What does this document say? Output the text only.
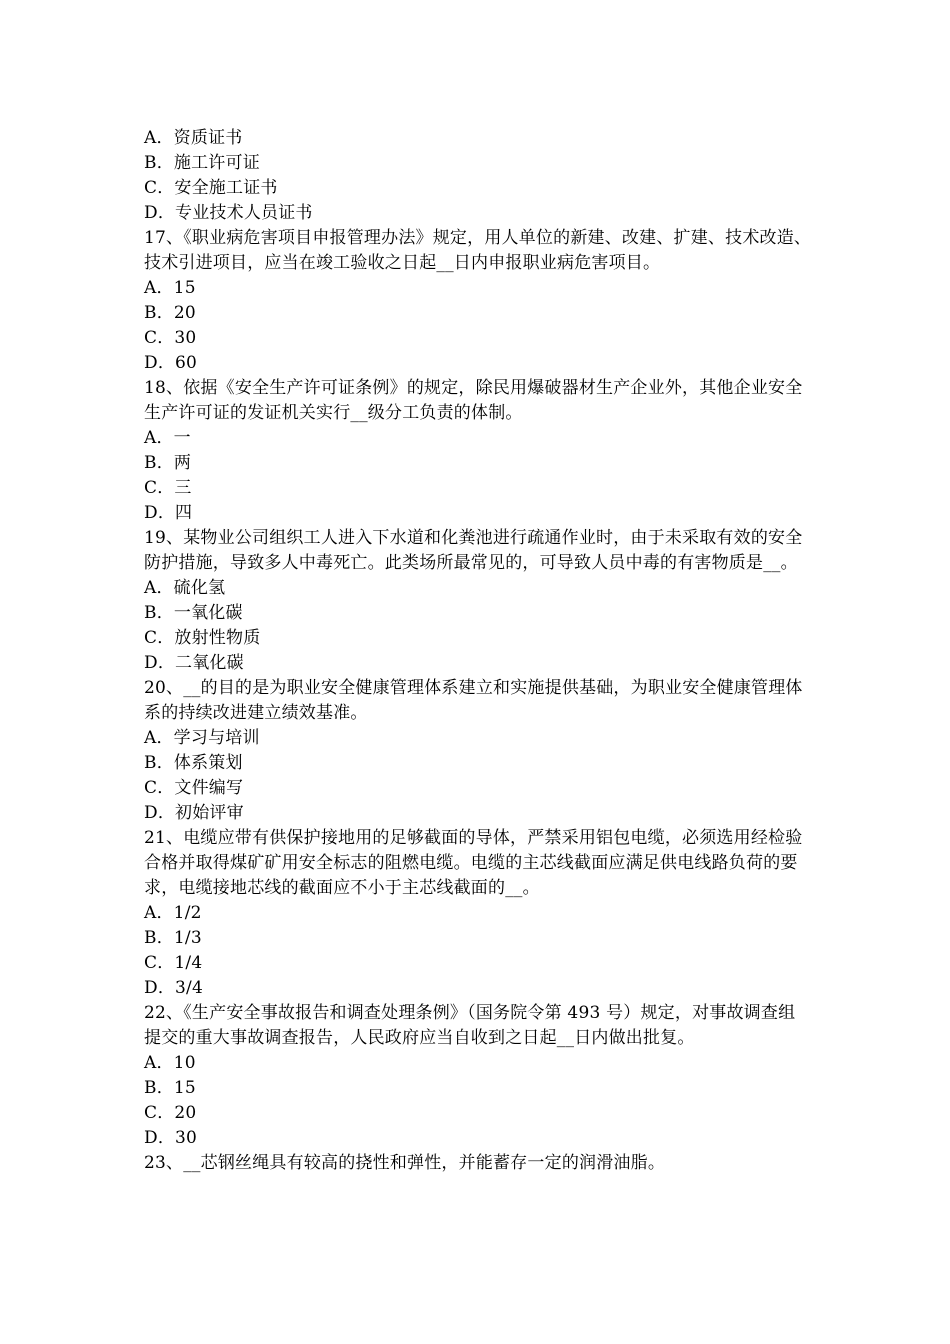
A．资质证书
B．施工许可证
C．安全施工证书
D．专业技术人员证书
17、《职业病危害项目申报管理办法》规定，用人单位的新建、改建、扩建、技术改造、技术引进项目，应当在竣工验收之日起__日内申报职业病危害项目。
A．15
B．20
C．30
D．60
18、依据《安全生产许可证条例》的规定，除民用爆破器材生产企业外，其他企业安全生产许可证的发证机关实行__级分工负责的体制。
A．一
B．两
C．三
D．四
19、某物业公司组织工人进入下水道和化粪池进行疏通作业时，由于未采取有效的安全防护措施，导致多人中毒死亡。此类场所最常见的，可导致人员中毒的有害物质是__。
A．硫化氢
B．一氧化碳
C．放射性物质
D．二氧化碳
20、__的目的是为职业安全健康管理体系建立和实施提供基础，为职业安全健康管理体系的持续改进建立绩效基准。
A．学习与培训
B．体系策划
C．文件编写
D．初始评审
21、电缆应带有供保护接地用的足够截面的导体，严禁采用铝包电缆，必须选用经检验合格并取得煤矿矿用安全标志的阻燃电缆。电缆的主芯线截面应满足供电线路负荷的要求，电缆接地芯线的截面应不小于主芯线截面的__。
A．1/2
B．1/3
C．1/4
D．3/4
22、《生产安全事故报告和调查处理条例》（国务院令第 493 号）规定，对事故调查组提交的重大事故调查报告，人民政府应当自收到之日起__日内做出批复。
A．10
B．15
C．20
D．30
23、__芯钢丝绳具有较高的挠性和弹性，并能蓄存一定的润滑油脂。
